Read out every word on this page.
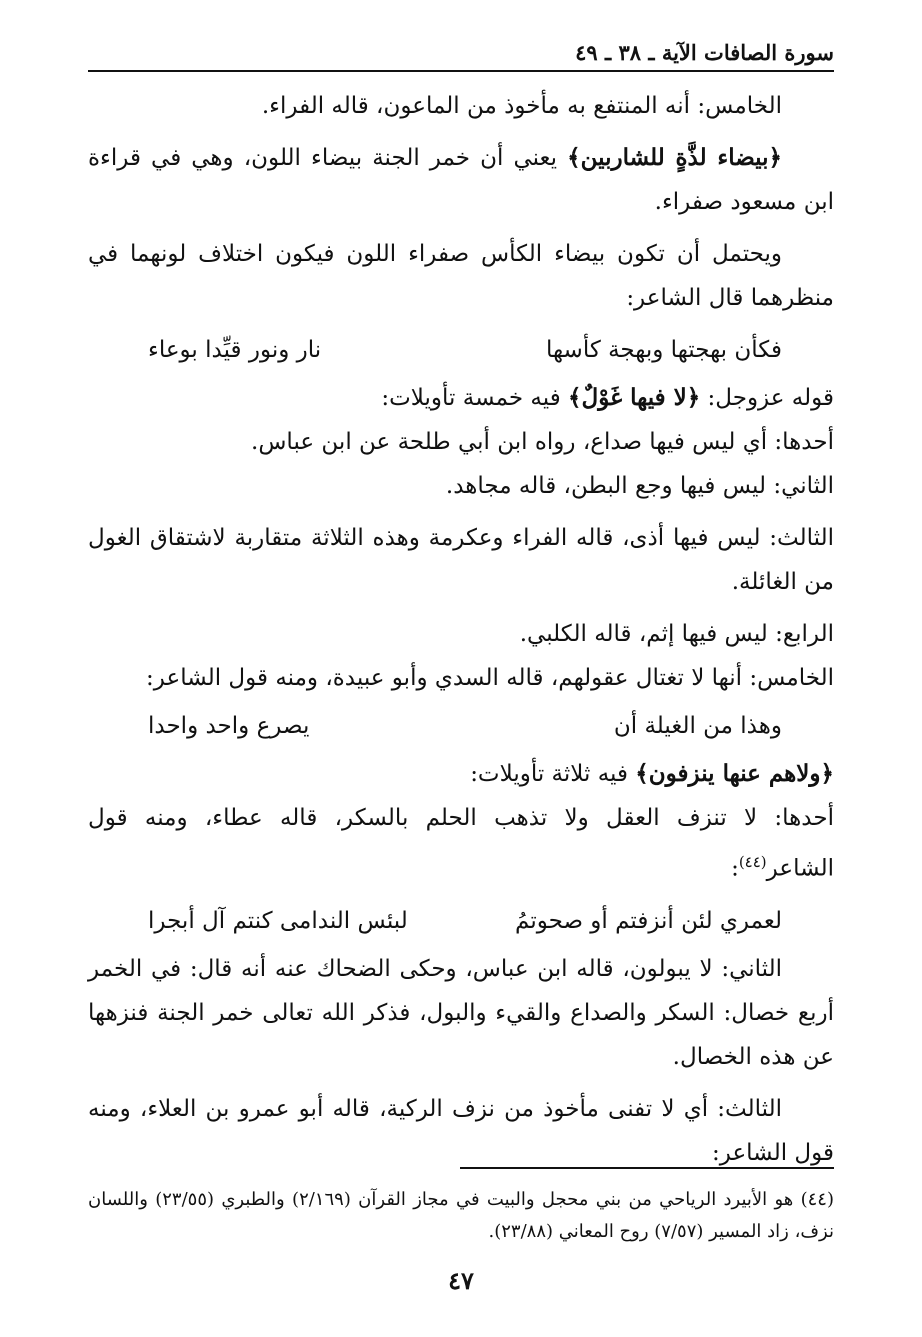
سورة الصافات الآية ـ ٣٨ ـ ٤٩

الخامس: أنه المنتفع به مأخوذ من الماعون، قاله الفراء.

﴿بيضاء لذَّةٍ للشاربين﴾ يعني أن خمر الجنة بيضاء اللون، وهي في قراءة ابن مسعود صفراء.

ويحتمل أن تكون بيضاء الكأس صفراء اللون فيكون اختلاف لونهما في منظرهما قال الشاعر:

فكأن بهجتها وبهجة كأسها
نار ونور قيِّدا بوعاء

قوله عزوجل: ﴿لا فيها غَوْلٌ﴾ فيه خمسة تأويلات:

أحدها: أي ليس فيها صداع، رواه ابن أبي طلحة عن ابن عباس.

الثاني: ليس فيها وجع البطن، قاله مجاهد.

الثالث: ليس فيها أذى، قاله الفراء وعكرمة وهذه الثلاثة متقاربة لاشتقاق الغول من الغائلة.

الرابع: ليس فيها إثم، قاله الكلبي.

الخامس: أنها لا تغتال عقولهم، قاله السدي وأبو عبيدة، ومنه قول الشاعر:

وهذا من الغيلة أن
يصرع واحد واحدا

﴿ولاهم عنها ينزفون﴾ فيه ثلاثة تأويلات:

أحدها: لا تنزف العقل ولا تذهب الحلم بالسكر، قاله عطاء، ومنه قول الشاعر$^{(٤٤)}$:

لعمري لئن أنزفتم أو صحوتمُ
لبئس الندامى كنتم آل أبجرا

الثاني: لا يبولون، قاله ابن عباس، وحكى الضحاك عنه أنه قال: في الخمر أربع خصال: السكر والصداع والقيء والبول، فذكر الله تعالى خمر الجنة فنزهها عن هذه الخصال.

الثالث: أي لا تفنى مأخوذ من نزف الركية، قاله أبو عمرو بن العلاء، ومنه قول الشاعر:

(٤٤) هو الأبيرد الرياحي من بني محجل والبيت في مجاز القرآن (٢/١٦٩) والطبري (٢٣/٥٥) واللسان نزف، زاد المسير (٧/٥٧) روح المعاني (٢٣/٨٨).

٤٧
